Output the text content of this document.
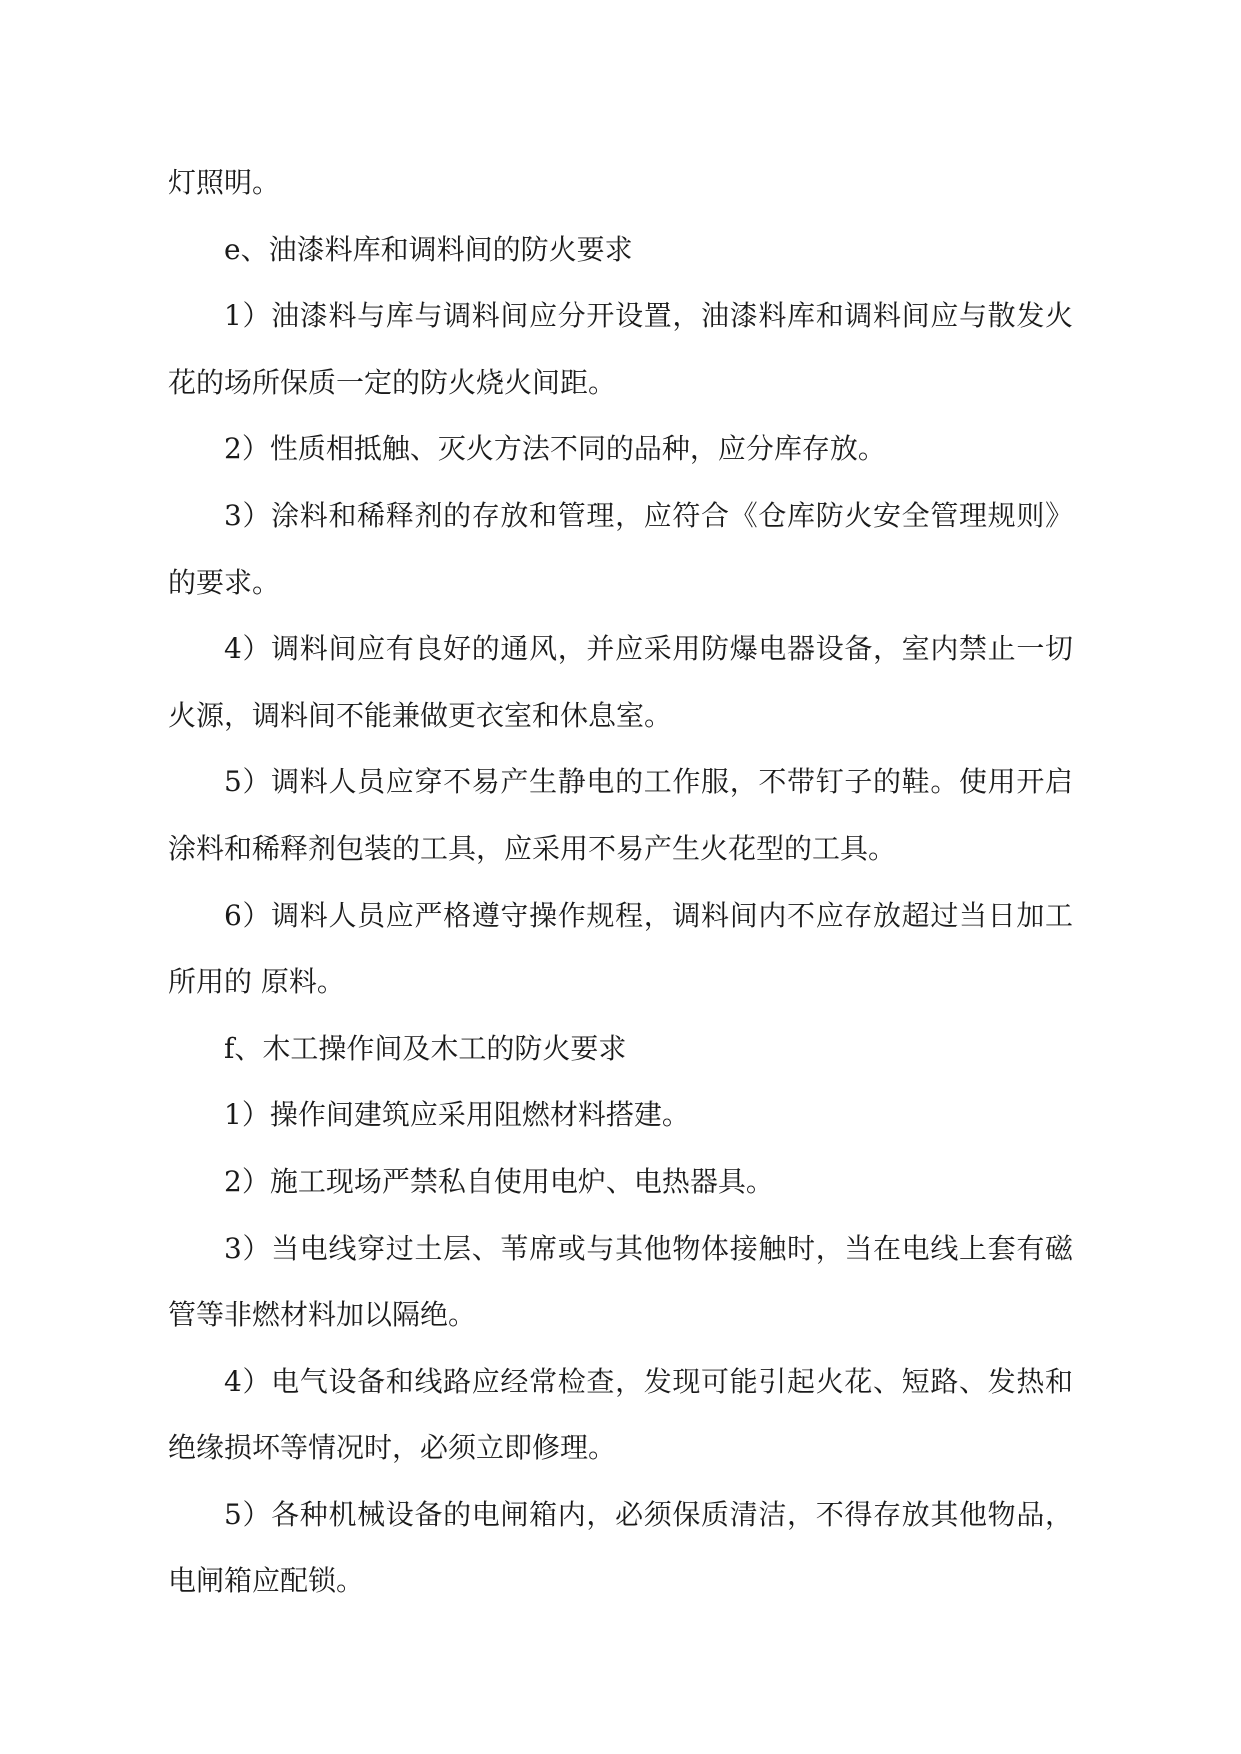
灯照明。

e、油漆料库和调料间的防火要求

1）油漆料与库与调料间应分开设置，油漆料库和调料间应与散发火花的场所保质一定的防火烧火间距。

2）性质相抵触、灭火方法不同的品种，应分库存放。

3）涂料和稀释剂的存放和管理，应符合《仓库防火安全管理规则》的要求。

4）调料间应有良好的通风，并应采用防爆电器设备，室内禁止一切火源，调料间不能兼做更衣室和休息室。

5）调料人员应穿不易产生静电的工作服，不带钉子的鞋。使用开启涂料和稀释剂包装的工具，应采用不易产生火花型的工具。

6）调料人员应严格遵守操作规程，调料间内不应存放超过当日加工所用的 原料。

f、木工操作间及木工的防火要求

1）操作间建筑应采用阻燃材料搭建。

2）施工现场严禁私自使用电炉、电热器具。

3）当电线穿过土层、苇席或与其他物体接触时，当在电线上套有磁管等非燃材料加以隔绝。

4）电气设备和线路应经常检查，发现可能引起火花、短路、发热和绝缘损坏等情况时，必须立即修理。

5）各种机械设备的电闸箱内，必须保质清洁，不得存放其他物品，电闸箱应配锁。
